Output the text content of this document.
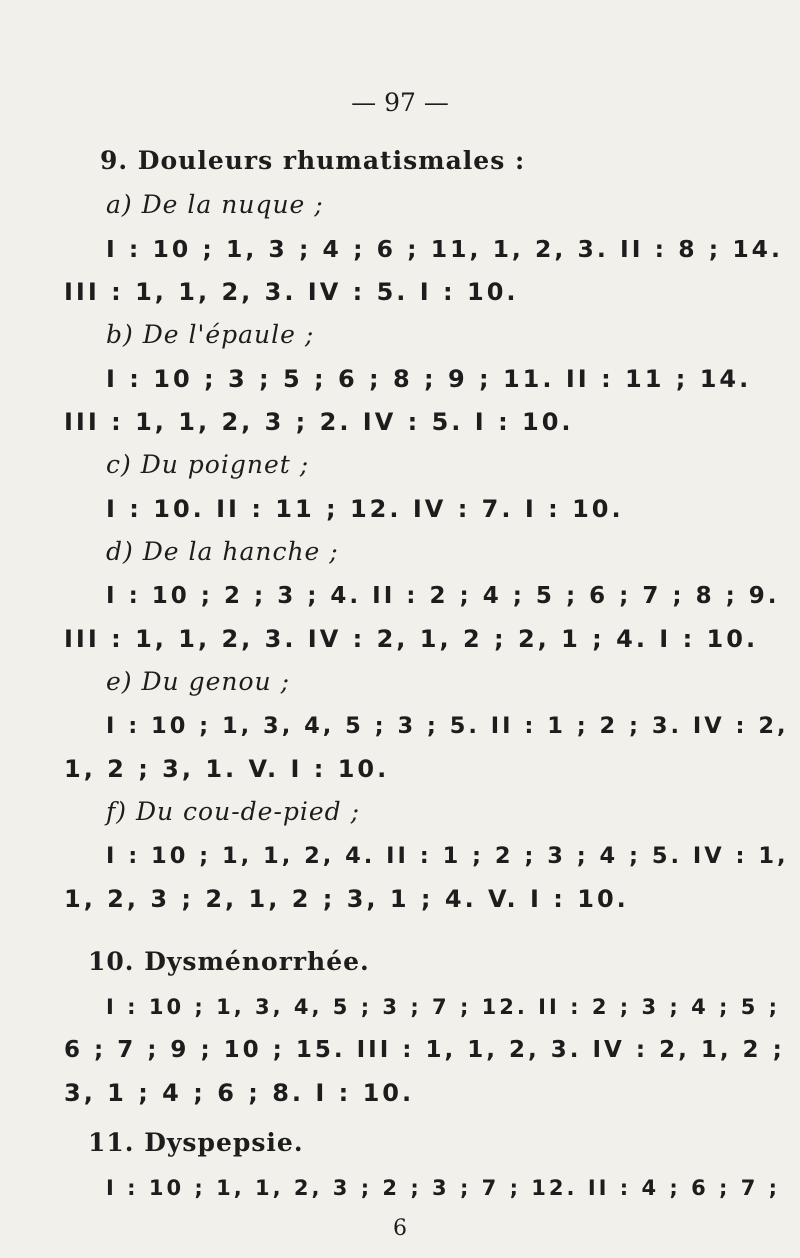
— 97 —
9. Douleurs rhumatismales :
a) De la nuque ;
I : 10 ; 1, 3 ; 4 ; 6 ; 11, 1, 2, 3. II : 8 ; 14.
III : 1, 1, 2, 3. IV : 5. I : 10.
b) De l'épaule ;
I : 10 ; 3 ; 5 ; 6 ; 8 ; 9 ; 11. II : 11 ; 14.
III : 1, 1, 2, 3 ; 2. IV : 5. I : 10.
c) Du poignet ;
I : 10. II : 11 ; 12. IV : 7. I : 10.
d) De la hanche ;
I : 10 ; 2 ; 3 ; 4. II : 2 ; 4 ; 5 ; 6 ; 7 ; 8 ; 9.
III : 1, 1, 2, 3. IV : 2, 1, 2 ; 2, 1 ; 4. I : 10.
e) Du genou ;
I : 10 ; 1, 3, 4, 5 ; 3 ; 5. II : 1 ; 2 ; 3. IV : 2,
1, 2 ; 3, 1. V. I : 10.
f) Du cou-de-pied ;
I : 10 ; 1, 1, 2, 4. II : 1 ; 2 ; 3 ; 4 ; 5. IV : 1,
1, 2, 3 ; 2, 1, 2 ; 3, 1 ; 4. V. I : 10.
10. Dysménorrhée.
I : 10 ; 1, 3, 4, 5 ; 3 ; 7 ; 12. II : 2 ; 3 ; 4 ; 5 ;
6 ; 7 ; 9 ; 10 ; 15. III : 1, 1, 2, 3. IV : 2, 1, 2 ;
3, 1 ; 4 ; 6 ; 8. I : 10.
11. Dyspepsie.
I : 10 ; 1, 1, 2, 3 ; 2 ; 3 ; 7 ; 12. II : 4 ; 6 ; 7 ;
6
